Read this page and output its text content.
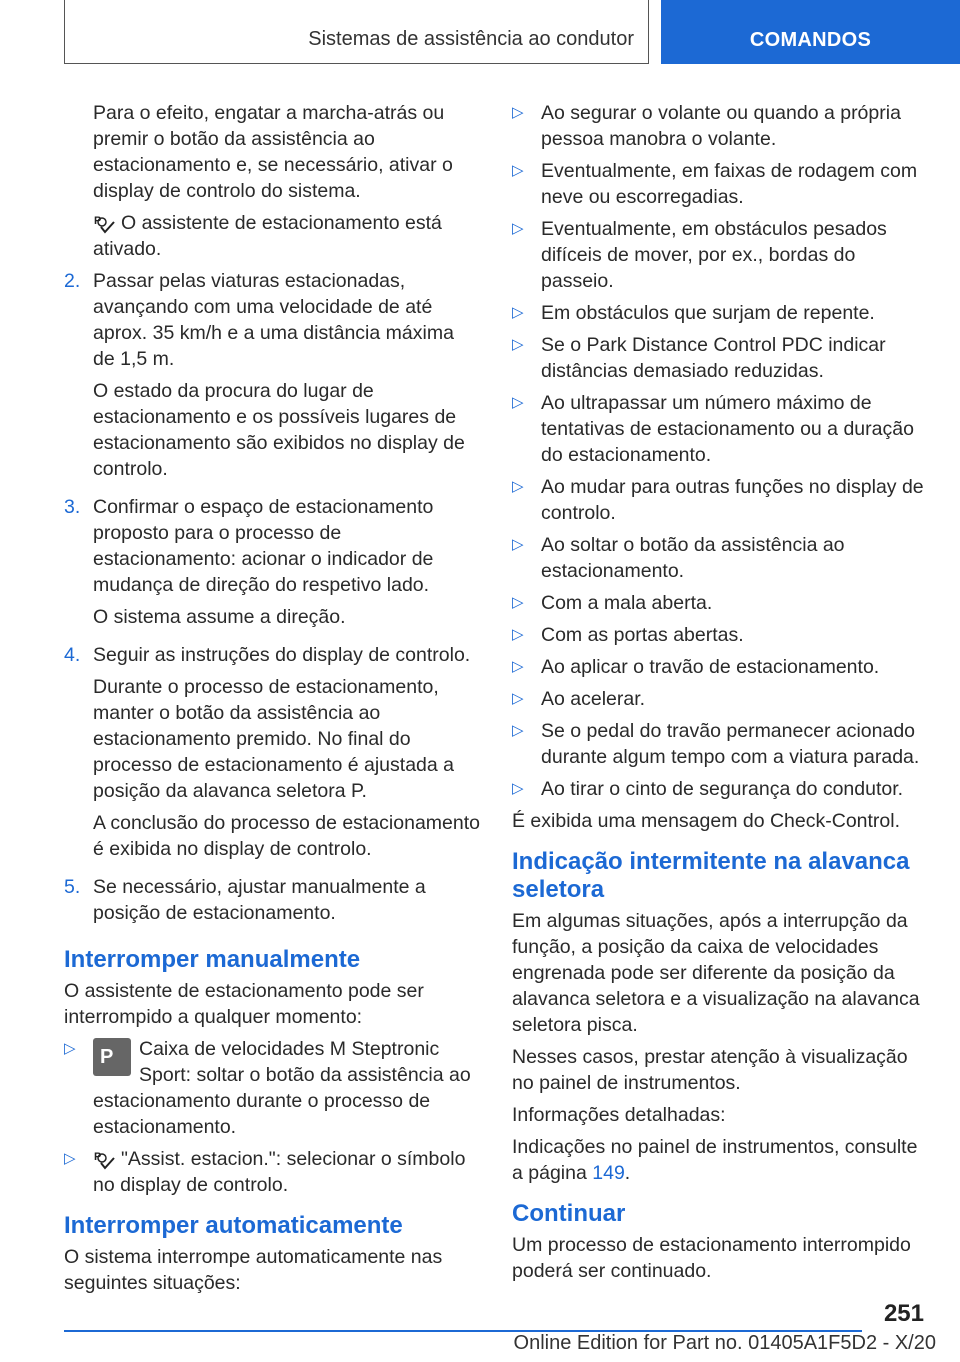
Sistemas de assistência ao condutor	COMANDOS

Para o efeito, engatar a marcha-atrás ou premir o botão da assistência ao estacionamento e, se necessário, ativar o display de controlo do sistema.

P O assistente de estacionamento está ativado.

2. Passar pelas viaturas estacionadas, avançando com uma velocidade de até aprox. 35 km/h e a uma distância máxima de 1,5 m.

O estado da procura do lugar de estacionamento e os possíveis lugares de estacionamento são exibidos no display de controlo.

3. Confirmar o espaço de estacionamento proposto para o processo de estacionamento: acionar o indicador de mudança de direção do respetivo lado.

O sistema assume a direção.

4. Seguir as instruções do display de controlo.

Durante o processo de estacionamento, manter o botão da assistência ao estacionamento premido. No final do processo de estacionamento é ajustada a posição da alavanca seletora P.

A conclusão do processo de estacionamento é exibida no display de controlo.

5. Se necessário, ajustar manualmente a posição de estacionamento.

Interromper manualmente

O assistente de estacionamento pode ser interrompido a qualquer momento:

▷	P Caixa de velocidades M Steptronic Sport: soltar o botão da assistência ao estacionamento durante o processo de estacionamento.
▷	P "Assist. estacion.": selecionar o símbolo no display de controlo.
Interromper automaticamente

O sistema interrompe automaticamente nas seguintes situações:

▷ Ao segurar o volante ou quando a própria pessoa manobra o volante.
▷ Eventualmente, em faixas de rodagem com neve ou escorregadias.
▷ Eventualmente, em obstáculos pesados difíceis de mover, por ex., bordas do passeio.
▷ Em obstáculos que surjam de repente.
▷ Se o Park Distance Control PDC indicar distâncias demasiado reduzidas.
▷ Ao ultrapassar um número máximo de tentativas de estacionamento ou a duração do estacionamento.
▷ Ao mudar para outras funções no display de controlo.
▷ Ao soltar o botão da assistência ao estacionamento.
▷ Com a mala aberta.
▷ Com as portas abertas.
▷ Ao aplicar o travão de estacionamento.
▷ Ao acelerar.
▷ Se o pedal do travão permanecer acionado durante algum tempo com a viatura parada.
▷ Ao tirar o cinto de segurança do condutor.

É exibida uma mensagem do Check-Control.

Indicação intermitente na alavanca seletora

Em algumas situações, após a interrupção da função, a posição da caixa de velocidades engrenada pode ser diferente da posição da alavanca seletora e a visualização na alavanca seletora pisca.

Nesses casos, prestar atenção à visualização no painel de instrumentos.

Informações detalhadas:

Indicações no painel de instrumentos, consulte a página 149.

Continuar

Um processo de estacionamento interrompido poderá ser continuado.

251
Online Edition for Part no. 01405A1F5D2 - X/20
